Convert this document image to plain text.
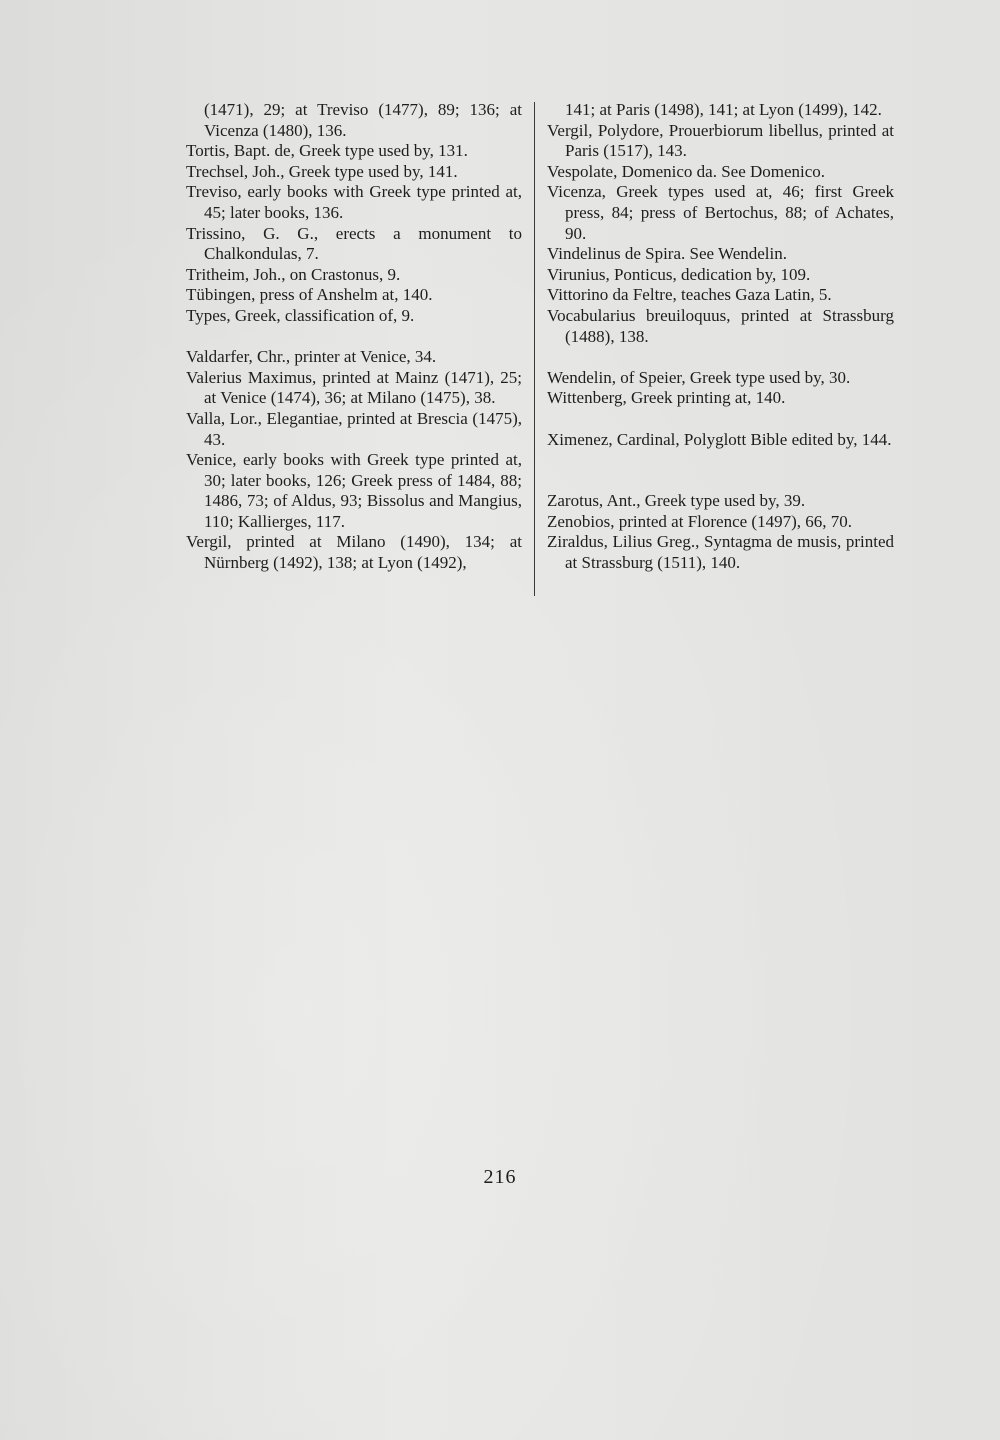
(1471), 29; at Treviso (1477), 89; 136; at Vicenza (1480), 136.

Tortis, Bapt. de, Greek type used by, 131.

Trechsel, Joh., Greek type used by, 141.

Treviso, early books with Greek type printed at, 45; later books, 136.

Trissino, G. G., erects a monument to Chalkondulas, 7.

Tritheim, Joh., on Crastonus, 9.

Tübingen, press of Anshelm at, 140.

Types, Greek, classification of, 9.

Valdarfer, Chr., printer at Venice, 34.

Valerius Maximus, printed at Mainz (1471), 25; at Venice (1474), 36; at Milano (1475), 38.

Valla, Lor., Elegantiae, printed at Brescia (1475), 43.

Venice, early books with Greek type printed at, 30; later books, 126; Greek press of 1484, 88; 1486, 73; of Aldus, 93; Bissolus and Mangius, 110; Kallierges, 117.

Vergil, printed at Milano (1490), 134; at Nürnberg (1492), 138; at Lyon (1492),

141; at Paris (1498), 141; at Lyon (1499), 142.

Vergil, Polydore, Prouerbiorum libellus, printed at Paris (1517), 143.

Vespolate, Domenico da. See Domenico.

Vicenza, Greek types used at, 46; first Greek press, 84; press of Bertochus, 88; of Achates, 90.

Vindelinus de Spira. See Wendelin.

Virunius, Ponticus, dedication by, 109.

Vittorino da Feltre, teaches Gaza Latin, 5.

Vocabularius breuiloquus, printed at Strassburg (1488), 138.

Wendelin, of Speier, Greek type used by, 30.

Wittenberg, Greek printing at, 140.

Ximenez, Cardinal, Polyglott Bible edited by, 144.

Zarotus, Ant., Greek type used by, 39.

Zenobios, printed at Florence (1497), 66, 70.

Ziraldus, Lilius Greg., Syntagma de musis, printed at Strassburg (1511), 140.

216
